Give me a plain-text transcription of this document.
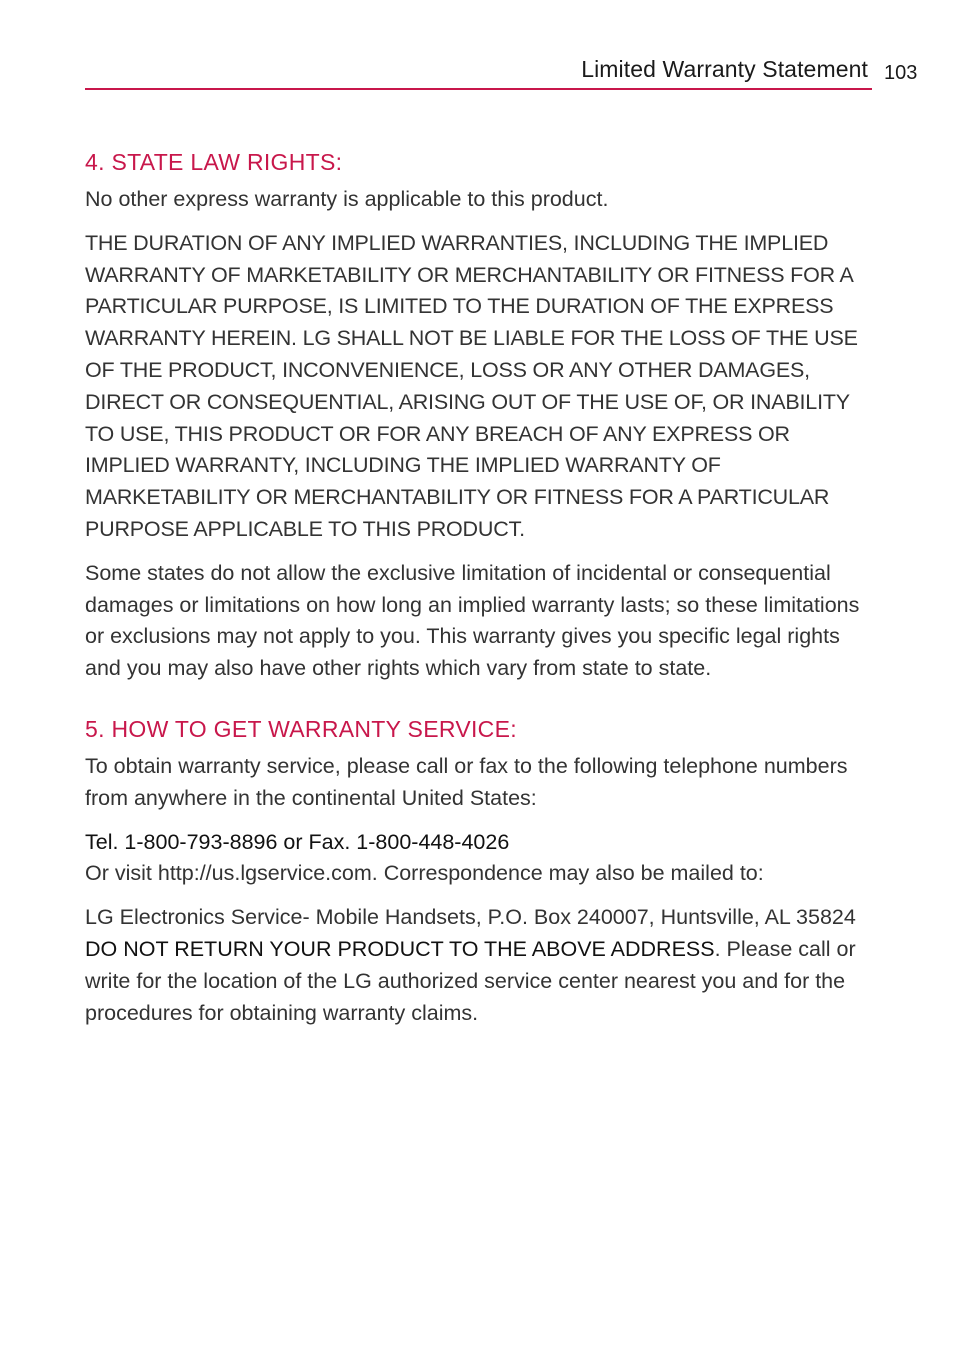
Limited Warranty Statement 103
4. STATE LAW RIGHTS:

No other express warranty is applicable to this product.

THE DURATION OF ANY IMPLIED WARRANTIES, INCLUDING THE IMPLIED WARRANTY OF MARKETABILITY OR MERCHANTABILITY OR FITNESS FOR A PARTICULAR PURPOSE, IS LIMITED TO THE DURATION OF THE EXPRESS WARRANTY HEREIN. LG SHALL NOT BE LIABLE FOR THE LOSS OF THE USE OF THE PRODUCT, INCONVENIENCE, LOSS OR ANY OTHER DAMAGES, DIRECT OR CONSEQUENTIAL, ARISING OUT OF THE USE OF, OR INABILITY TO USE, THIS PRODUCT OR FOR ANY BREACH OF ANY EXPRESS OR IMPLIED WARRANTY, INCLUDING THE IMPLIED WARRANTY OF MARKETABILITY OR MERCHANTABILITY OR FITNESS FOR A PARTICULAR PURPOSE APPLICABLE TO THIS PRODUCT.

Some states do not allow the exclusive limitation of incidental or consequential damages or limitations on how long an implied warranty lasts; so these limitations or exclusions may not apply to you. This warranty gives you specific legal rights and you may also have other rights which vary from state to state.

5. HOW TO GET WARRANTY SERVICE:

To obtain warranty service, please call or fax to the following telephone numbers from anywhere in the continental United States:

Tel. 1-800-793-8896 or Fax. 1-800-448-4026

Or visit http://us.lgservice.com. Correspondence may also be mailed to:

LG Electronics Service- Mobile Handsets, P.O. Box 240007, Huntsville, AL 35824 DO NOT RETURN YOUR PRODUCT TO THE ABOVE ADDRESS. Please call or write for the location of the LG authorized service center nearest you and for the procedures for obtaining warranty claims.
